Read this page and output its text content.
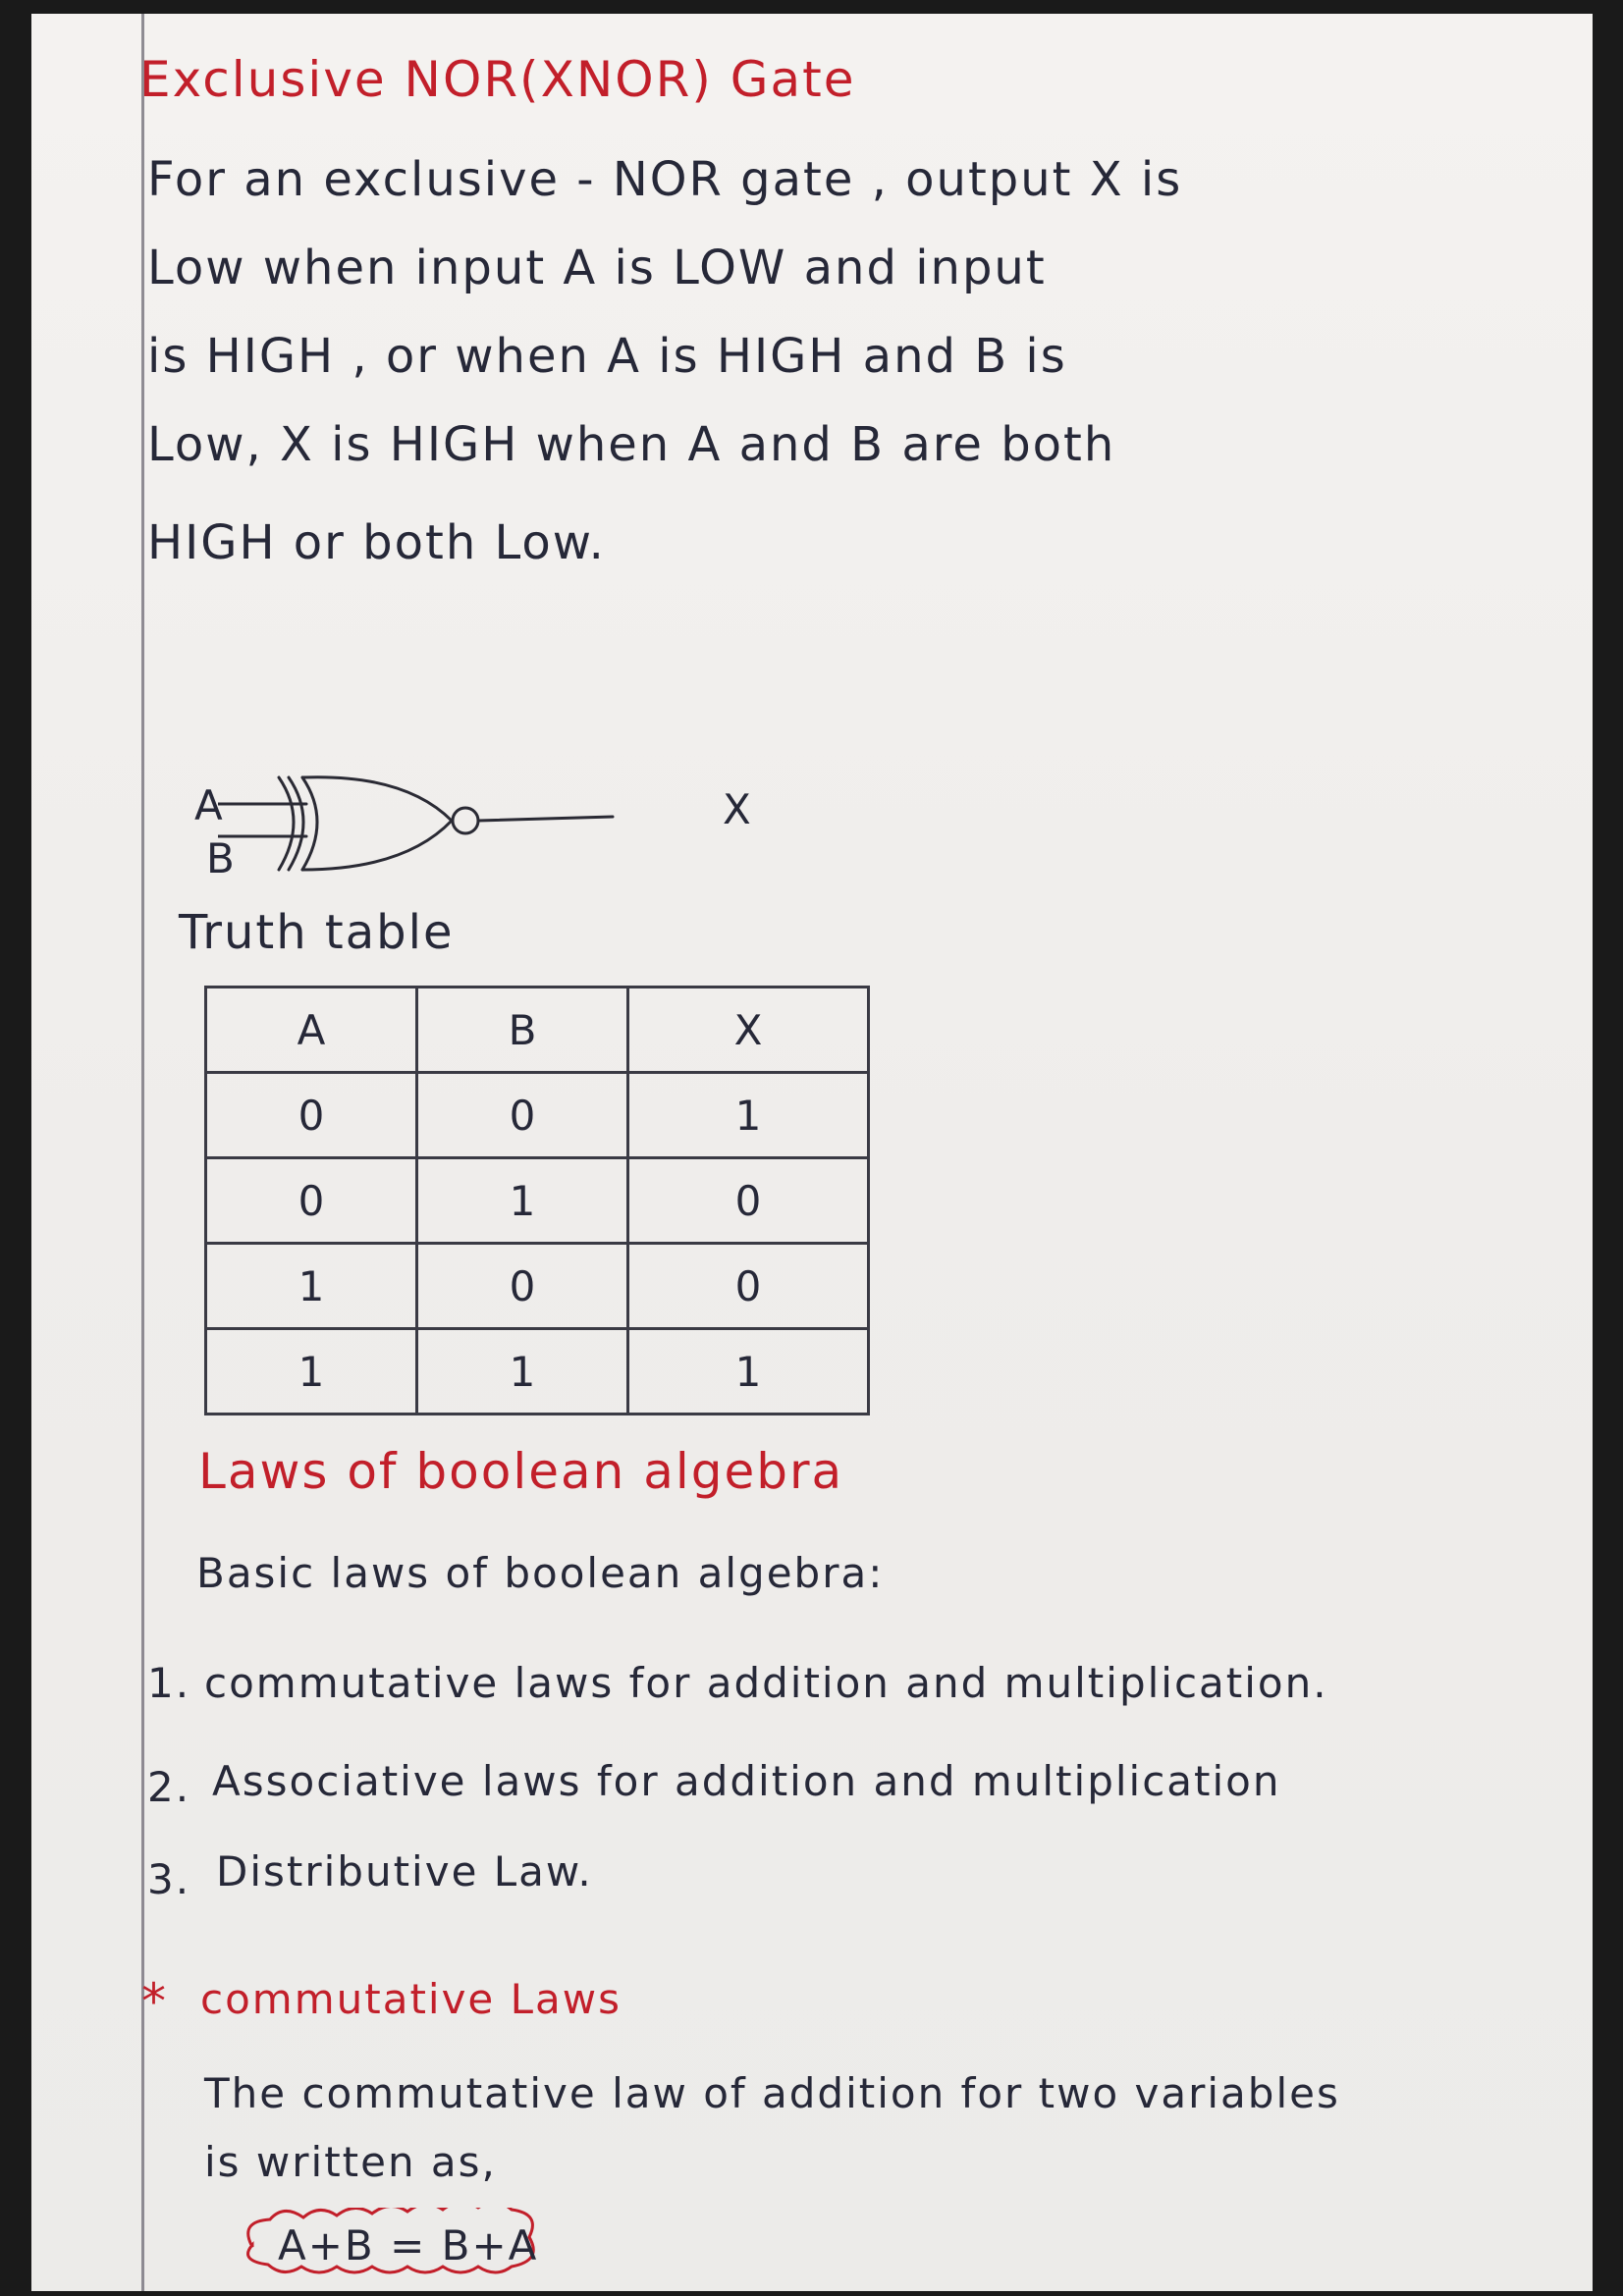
Exclusive NOR(XNOR) Gate
For an exclusive - NOR gate , output X is
Low when input A is LOW and input
is HIGH , or when A is HIGH and B is
Low, X is HIGH when A and B are both
HIGH or both Low.
A
B
X
Truth table
A	B	X
0	0	1
0	1	0
1	0	0
1	1	1
Laws of boolean algebra
Basic laws of boolean algebra:
1. commutative laws for addition and multiplication.
2. Associative laws for addition and multiplication
3. Distributive Law.
* commutative Laws
The commutative law of addition for two variables
is written as,
A+B = B+A
